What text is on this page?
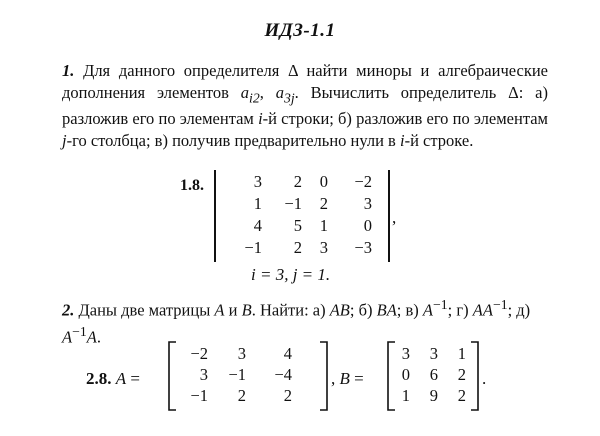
ИДЗ-1.1
1. Для данного определителя Δ найти миноры и алгебраические дополнения элементов $a_{i2}$, $a_{3j}$. Вычислить определитель Δ: а) разложив его по элементам i-й строки; б) разложив его по элементам j-го столбца; в) получив предварительно нули в i-й строке.
1.8.	3	2	0	−2
1	−1	2	3
4	5	1	0
−1	2	3	−3
,
i = 3, j = 1.
2. Даны две матрицы A и B. Найти: а) AB; б) BA; в) $A^{-1}$; г) $AA^{-1}$; д) $A^{-1}A$.
2.8. A =
−2	3	4
3	−1	−4
−1	2	2
, B =
3	3	1
0	6	2
1	9	2
.
